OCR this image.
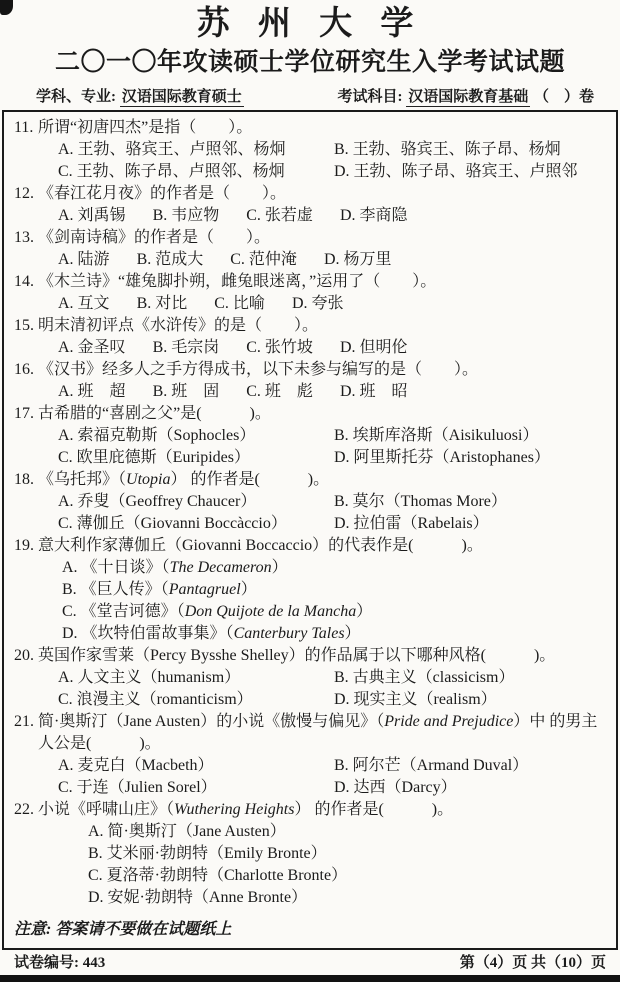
苏 州 大 学
二〇一〇年攻读硕士学位研究生入学考试试题
学科、专业: 汉语国际教育硕士	考试科目: 汉语国际教育基础 （　）卷
11. 所谓“初唐四杰”是指（　　）。
A. 王勃、骆宾王、卢照邻、杨炯	B. 王勃、骆宾王、陈子昂、杨炯
C. 王勃、陈子昂、卢照邻、杨炯	D. 王勃、陈子昂、骆宾王、卢照邻
12. 《春江花月夜》的作者是（　　）。
A. 刘禹锡 B. 韦应物 C. 张若虚 D. 李商隐
13. 《剑南诗稿》的作者是（　　）。
A. 陆游 B. 范成大 C. 范仲淹 D. 杨万里
14. 《木兰诗》“雄兔脚扑朔，雌兔眼迷离，”运用了（　　）。
A. 互文 B. 对比 C. 比喻 D. 夸张
15. 明末清初评点《水浒传》的是（　　）。
A. 金圣叹 B. 毛宗岗 C. 张竹坡 D. 但明伦
16. 《汉书》经多人之手方得成书，以下未参与编写的是（　　）。
A. 班　超 B. 班　固 C. 班　彪 D. 班　昭
17. 古希腊的“喜剧之父”是(　　　)。
A. 索福克勒斯（Sophocles）	B. 埃斯库洛斯（Aisikuluosi）
C. 欧里庇德斯（Euripides）	D. 阿里斯托芬（Aristophanes）
18. 《乌托邦》（Utopia） 的作者是(　　　)。
A. 乔叟（Geoffrey Chaucer）	B. 莫尔（Thomas More）
C. 薄伽丘（Giovanni Boccàccio）	D. 拉伯雷（Rabelais）
19. 意大利作家薄伽丘（Giovanni Boccaccio）的代表作是(　　　)。
A. 《十日谈》（The Decameron）
B. 《巨人传》（Pantagruel）
C. 《堂吉诃德》（Don Quijote de la Mancha）
D. 《坎特伯雷故事集》（Canterbury Tales）
20. 英国作家雪莱（Percy Bysshe Shelley）的作品属于以下哪种风格(　　　)。
A. 人文主义（humanism）	B. 古典主义（classicism）
C. 浪漫主义（romanticism）	D. 现实主义（realism）
21. 简·奥斯汀（Jane Austen）的小说《傲慢与偏见》（Pride and Prejudice）中 的男主人公是(　　　)。
A. 麦克白（Macbeth）	B. 阿尔芒（Armand Duval）
C. 于连（Julien Sorel）	D. 达西（Darcy）
22. 小说《呼啸山庄》（Wuthering Heights） 的作者是(　　　)。
A. 简·奥斯汀（Jane Austen）
B. 艾米丽·勃朗特（Emily Bronte）
C. 夏洛蒂·勃朗特（Charlotte Bronte）
D. 安妮·勃朗特（Anne Bronte）
注意: 答案请不要做在试题纸上
试卷编号: 443	第（4）页 共（10）页
